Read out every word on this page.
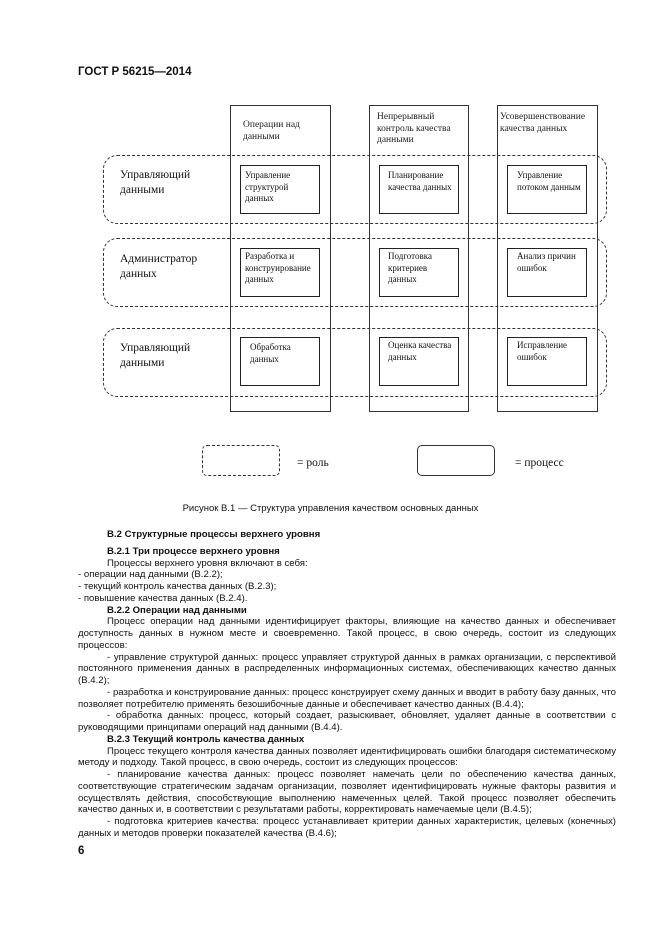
ГОСТ Р 56215—2014
Операции над данными
Непрерывный контроль качества данными
Усовершенствование качества данных
Управляющий данными
Администратор данных
Управляющий данными
Управление структурой данных
Планирование качества данных
Управление потоком данным
Разработка и конструирование данных
Подготовка критериев данных
Анализ причин ошибок
Обработка данных
Оценка качества данных
Исправление ошибок
= роль	= процесс
Рисунок В.1 — Структура управления качеством основных данных

В.2 Структурные процессы верхнего уровня

В.2.1 Три процессе верхнего уровня

Процессы верхнего уровня включают в себя:

- операции над данными (В.2.2);

- текущий контроль качества данных (В.2.3);

- повышение качества данных (В.2.4).

В.2.2 Операции над данными

Процесс операции над данными идентифицирует факторы, влияющие на качество данных и обеспечивает доступность данных в нужном месте и своевременно. Такой процесс, в свою очередь, состоит из следующих процессов:

- управление структурой данных: процесс управляет структурой данных в рамках организации, с перспективой постоянного применения данных в распределенных информационных системах, обеспечивающих качество данных (В.4.2);

- разработка и конструирование данных: процесс конструирует схему данных и вводит в работу базу данных, что позволяет потребителю применять безошибочные данные и обеспечивает качество данных (В.4.4);

- обработка данных: процесс, который создает, разыскивает, обновляет, удаляет данные в соответствии с руководящими принципами операций над данными (В.4.4).

В.2.3 Текущий контроль качества данных

Процесс текущего контроля качества данных позволяет идентифицировать ошибки благодаря систематическому методу и подходу. Такой процесс, в свою очередь, состоит из следующих процессов:

- планирование качества данных: процесс позволяет намечать цели по обеспечению качества данных, соответствующие стратегическим задачам организации, позволяет идентифицировать нужные факторы развития и осуществлять действия, способствующие выполнению намеченных целей. Такой процесс позволяет обеспечить качество данных и, в соответствии с результатами работы, корректировать намечаемые цели (В.4.5);

- подготовка критериев качества: процесс устанавливает критерии данных характеристик, целевых (конечных) данных и методов проверки показателей качества (В.4.6);

6
